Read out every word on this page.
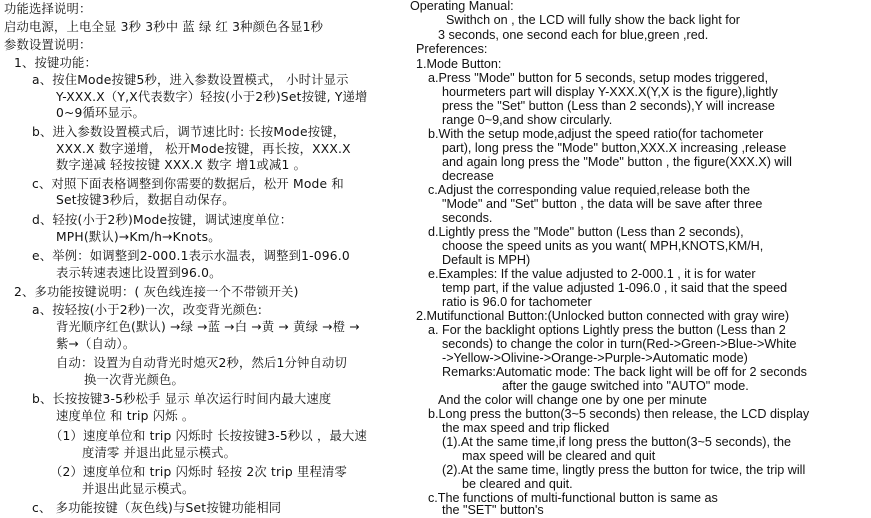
功能选择说明：
启动电源，上电全显 3秒 3秒中 蓝 绿 红 3种颜色各显1秒
参数设置说明：
1、按键功能：
a、按住Mode按键5秒，进入参数设置模式， 小时计显示
Y-XXX.X（Y,X代表数字）轻按(小于2秒)Set按键, Y递增
0~9循环显示。
b、进入参数设置模式后，调节速比时: 长按Mode按键，
XXX.X 数字递增， 松开Mode按键，再长按，XXX.X
数字递减 轻按按键 XXX.X 数字 增1或减1 。
c、对照下面表格调整到你需要的数据后，松开 Mode 和
Set按键3秒后，数据自动保存。
d、轻按(小于2秒)Mode按键，调试速度单位：
MPH(默认)→Km/h→Knots。
e、举例：如调整到2-000.1表示水温表，调整到1-096.0
表示转速表速比设置到96.0。
2、多功能按键说明：( 灰色线连接一个不带锁开关)
a、按轻按(小于2秒)一次，改变背光颜色:
背光顺序红色(默认) →绿 →蓝 →白 →黄 → 黄绿 →橙 →
紫→（自动）。
自动：设置为自动背光时熄灭2秒，然后1分钟自动切
换一次背光颜色。
b、长按按键3-5秒松手 显示 单次运行时间内最大速度
速度单位 和 trip 闪烁 。
（1）速度单位和 trip 闪烁时 长按按键3-5秒以 ，最大速
度清零 并退出此显示模式。
（2）速度单位和 trip 闪烁时 轻按 2次 trip 里程清零
并退出此显示模式。
c、 多功能按键（灰色线)与Set按键功能相同
Operating Manual:
Swithch on , the LCD will fully show the back light for
3 seconds, one second each for blue,green ,red.
Preferences:
1.Mode Button:
a.Press "Mode" button for 5 seconds, setup modes triggered,
hourmeters part will display Y-XXX.X(Y,X is the figure),lightly
press the "Set" button (Less than 2 seconds),Y will increase
range 0~9,and show circularly.
b.With the setup mode,adjust the speed ratio(for tachometer
part), long press the "Mode" button,XXX.X increasing ,release
and again long press the "Mode" button , the figure(XXX.X) will
decrease
c.Adjust the corresponding value requied,release both the
"Mode" and "Set" button , the data will be save after three
seconds.
d.Lightly press the "Mode" button (Less than 2 seconds),
choose the speed units as you want( MPH,KNOTS,KM/H,
Default is MPH)
e.Examples: If the value adjusted to 2-000.1 , it is for water
temp part, if the value adjusted 1-096.0 , it said that the speed
ratio is 96.0 for tachometer
2.Mutifunctional Button:(Unlocked button connected with gray wire)
a. For the backlight options Lightly press the button (Less than 2
seconds) to change the color in turn(Red->Green->Blue->White
->Yellow->Olivine->Orange->Purple->Automatic mode)
Remarks:Automatic mode: The back light will be off for 2 seconds
after the gauge switched into "AUTO" mode.
And the color will change one by one per minute
b.Long press the button(3~5 seconds) then release, the LCD display
the max speed and trip flicked
(1).At the same time,if long press the button(3~5 seconds), the
max speed will be cleared and quit
(2).At the same time, lingtly press the button for twice, the trip will
be cleared and quit.
c.The functions of multi-functional button is same as
the "SET" button's
